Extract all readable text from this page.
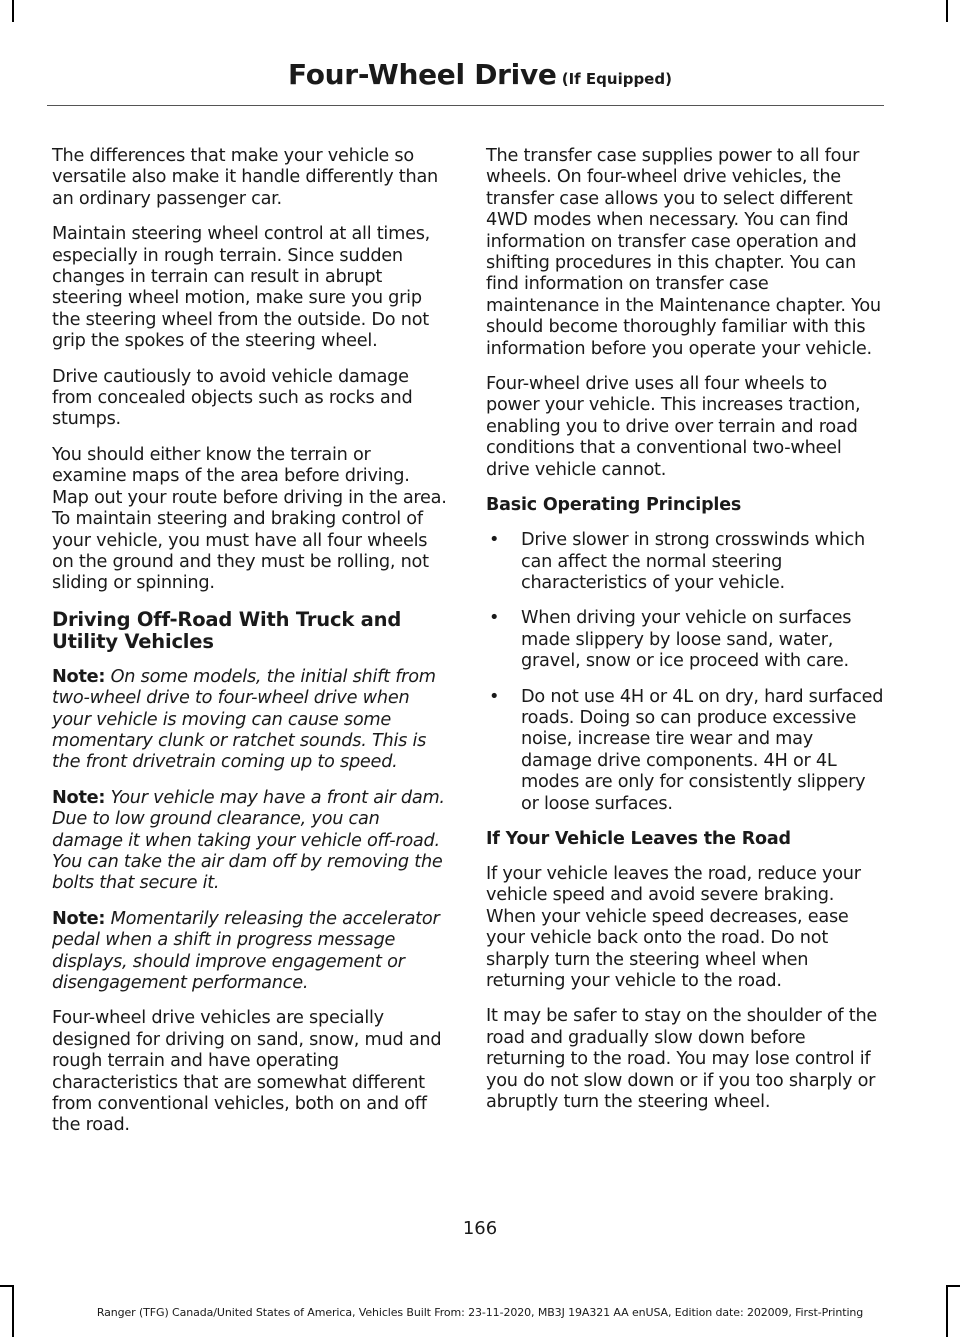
Four-Wheel Drive (If Equipped)

The differences that make your vehicle so versatile also make it handle differently than an ordinary passenger car.

Maintain steering wheel control at all times, especially in rough terrain. Since sudden changes in terrain can result in abrupt steering wheel motion, make sure you grip the steering wheel from the outside. Do not grip the spokes of the steering wheel.

Drive cautiously to avoid vehicle damage from concealed objects such as rocks and stumps.

You should either know the terrain or examine maps of the area before driving. Map out your route before driving in the area. To maintain steering and braking control of your vehicle, you must have all four wheels on the ground and they must be rolling, not sliding or spinning.

Driving Off-Road With Truck and Utility Vehicles

Note: On some models, the initial shift from two-wheel drive to four-wheel drive when your vehicle is moving can cause some momentary clunk or ratchet sounds. This is the front drivetrain coming up to speed.

Note: Your vehicle may have a front air dam. Due to low ground clearance, you can damage it when taking your vehicle off-road. You can take the air dam off by removing the bolts that secure it.

Note: Momentarily releasing the accelerator pedal when a shift in progress message displays, should improve engagement or disengagement performance.

Four-wheel drive vehicles are specially designed for driving on sand, snow, mud and rough terrain and have operating characteristics that are somewhat different from conventional vehicles, both on and off the road.

The transfer case supplies power to all four wheels. On four-wheel drive vehicles, the transfer case allows you to select different 4WD modes when necessary. You can find information on transfer case operation and shifting procedures in this chapter. You can find information on transfer case maintenance in the Maintenance chapter. You should become thoroughly familiar with this information before you operate your vehicle.

Four-wheel drive uses all four wheels to power your vehicle. This increases traction, enabling you to drive over terrain and road conditions that a conventional two-wheel drive vehicle cannot.

Basic Operating Principles
• Drive slower in strong crosswinds which can affect the normal steering characteristics of your vehicle.
• When driving your vehicle on surfaces made slippery by loose sand, water, gravel, snow or ice proceed with care.
• Do not use 4H or 4L on dry, hard surfaced roads. Doing so can produce excessive noise, increase tire wear and may damage drive components. 4H or 4L modes are only for consistently slippery or loose surfaces.
If Your Vehicle Leaves the Road

If your vehicle leaves the road, reduce your vehicle speed and avoid severe braking. When your vehicle speed decreases, ease your vehicle back onto the road. Do not sharply turn the steering wheel when returning your vehicle to the road.

It may be safer to stay on the shoulder of the road and gradually slow down before returning to the road. You may lose control if you do not slow down or if you too sharply or abruptly turn the steering wheel.

166
Ranger (TFG) Canada/United States of America, Vehicles Built From: 23-11-2020, MB3J 19A321 AA enUSA, Edition date: 202009, First-Printing
